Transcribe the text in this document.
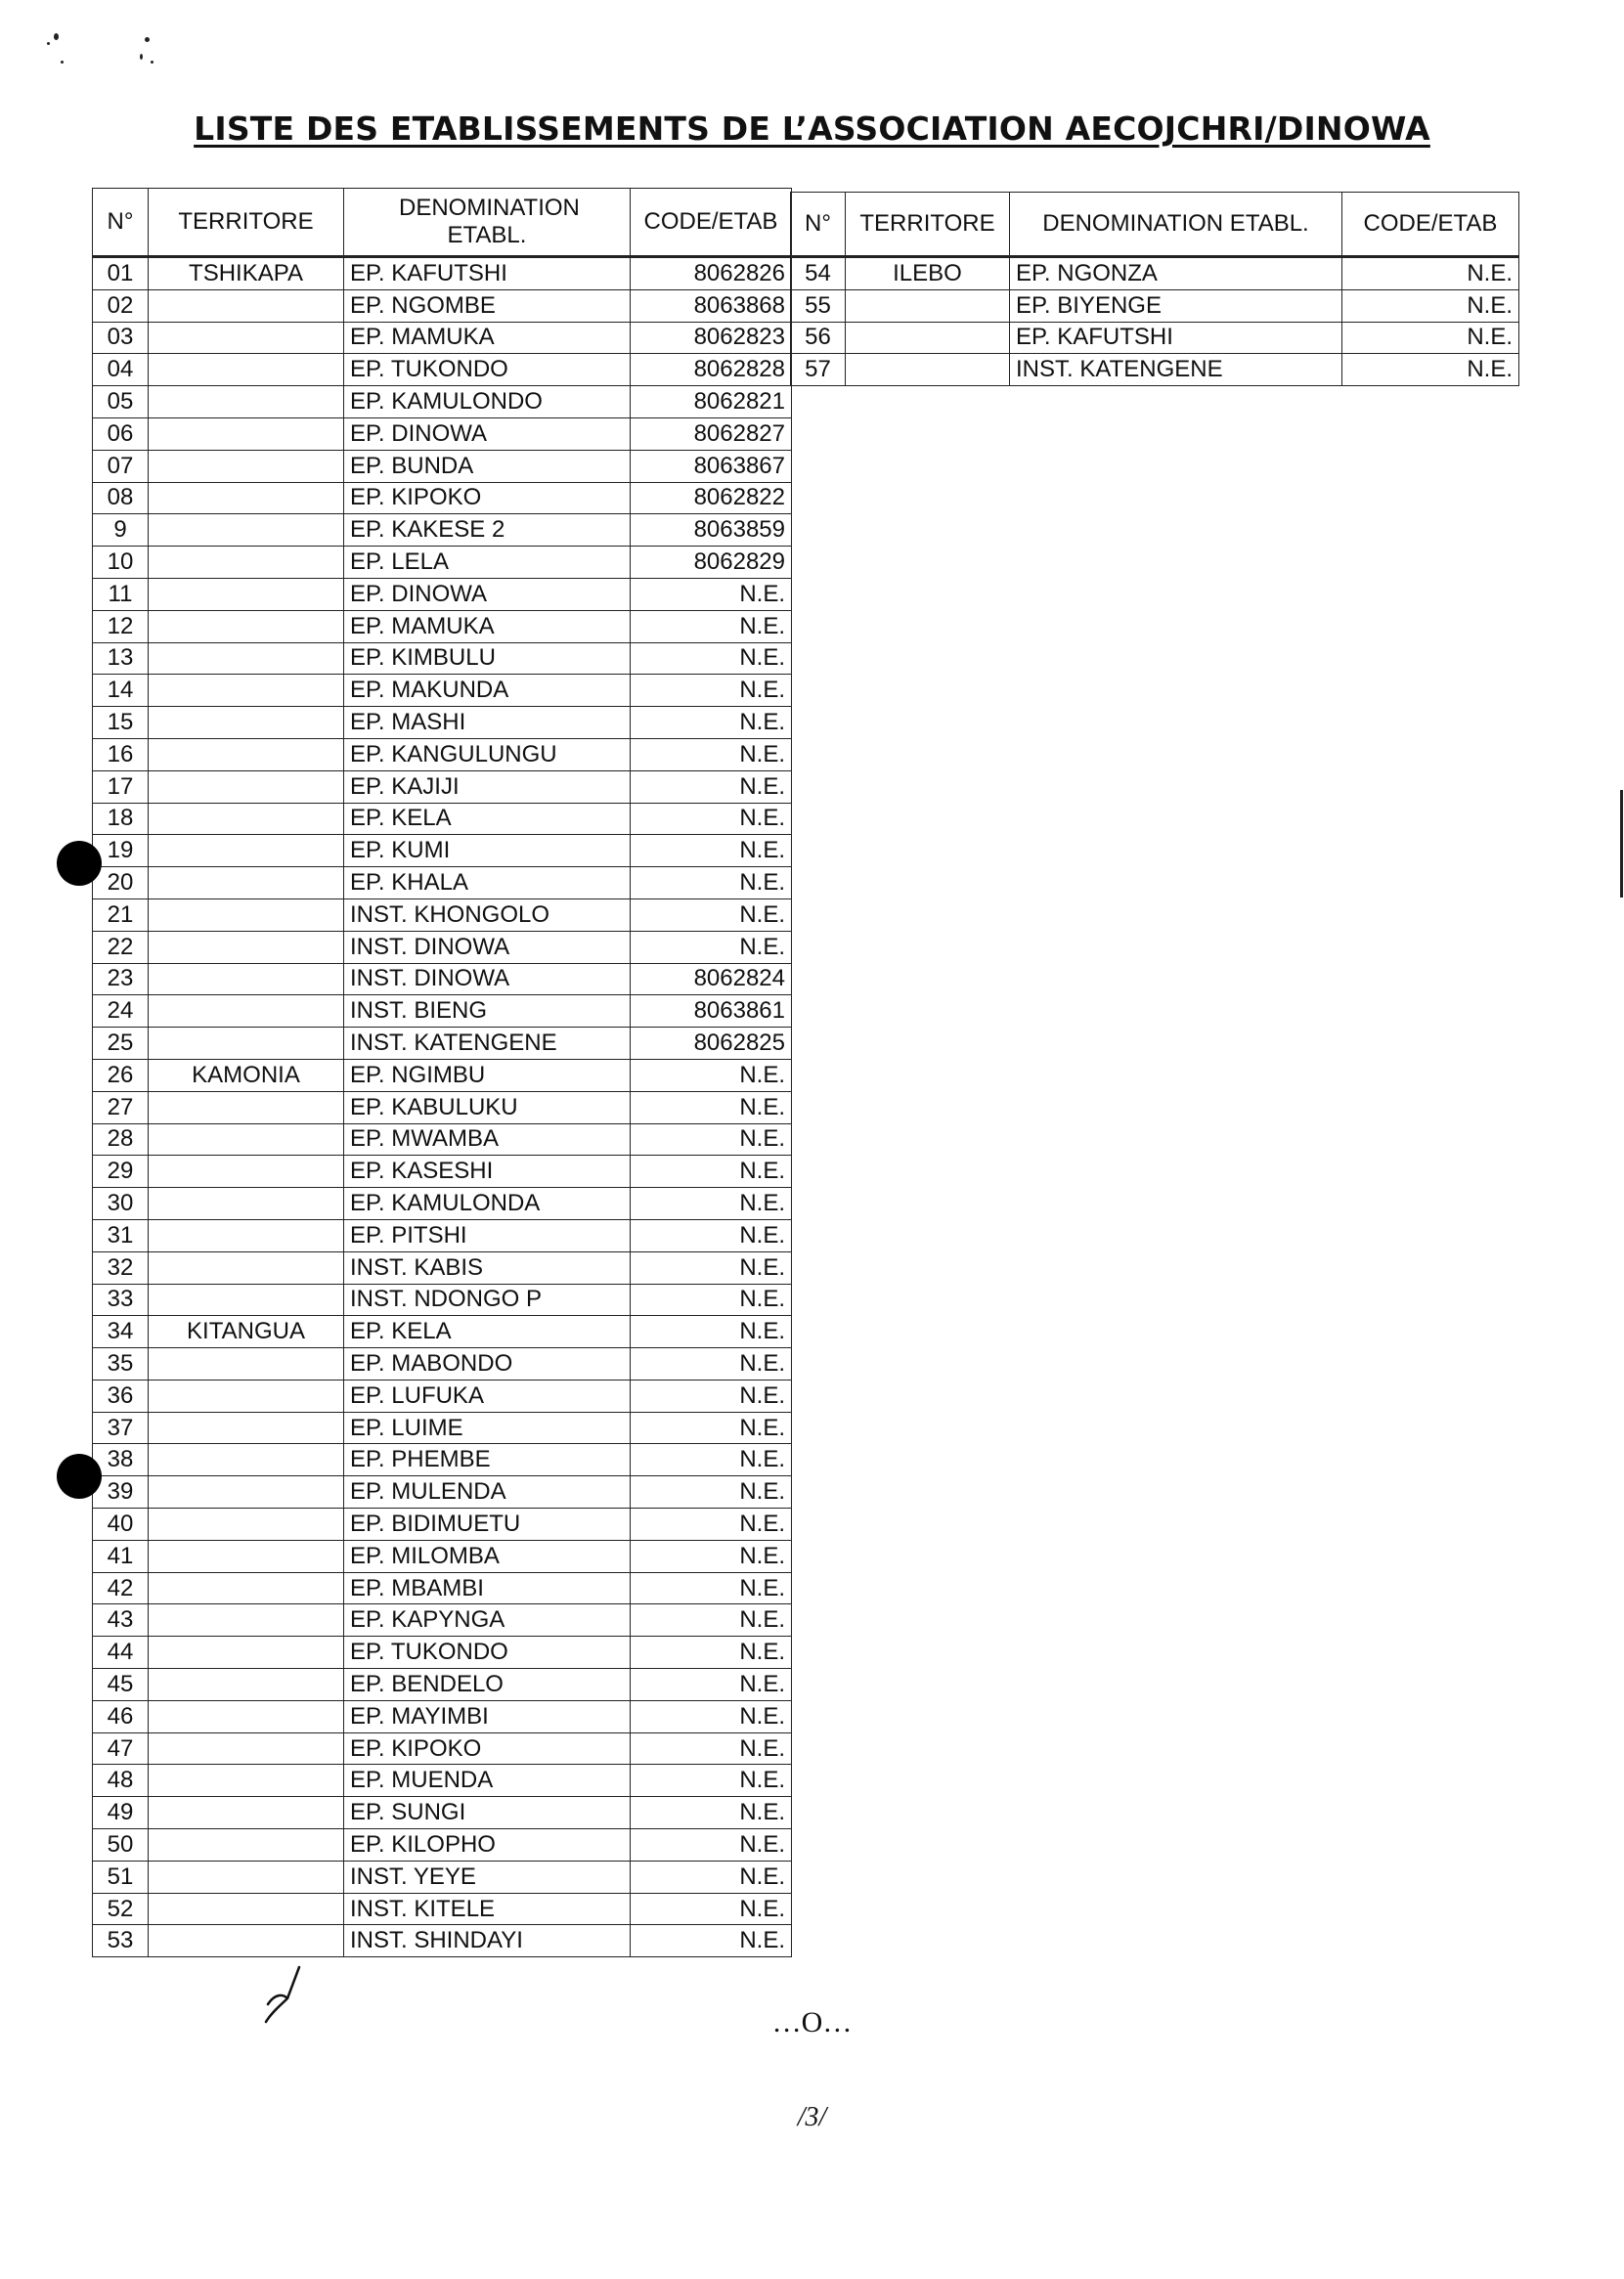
LISTE DES ETABLISSEMENTS DE L’ASSOCIATION AECOJCHRI/DINOWA
N°	TERRITORE	DENOMINATION ETABL.	CODE/ETAB
01	TSHIKAPA	EP. KAFUTSHI	8062826
02		EP. NGOMBE	8063868
03		EP. MAMUKA	8062823
04		EP. TUKONDO	8062828
05		EP. KAMULONDO	8062821
06		EP. DINOWA	8062827
07		EP. BUNDA	8063867
08		EP. KIPOKO	8062822
9		EP. KAKESE 2	8063859
10		EP. LELA	8062829
11		EP. DINOWA	N.E.
12		EP. MAMUKA	N.E.
13		EP. KIMBULU	N.E.
14		EP. MAKUNDA	N.E.
15		EP. MASHI	N.E.
16		EP. KANGULUNGU	N.E.
17		EP. KAJIJI	N.E.
18		EP. KELA	N.E.
19		EP. KUMI	N.E.
20		EP. KHALA	N.E.
21		INST. KHONGOLO	N.E.
22		INST. DINOWA	N.E.
23		INST. DINOWA	8062824
24		INST. BIENG	8063861
25		INST. KATENGENE	8062825
26	KAMONIA	EP. NGIMBU	N.E.
27		EP. KABULUKU	N.E.
28		EP. MWAMBA	N.E.
29		EP. KASESHI	N.E.
30		EP. KAMULONDA	N.E.
31		EP. PITSHI	N.E.
32		INST. KABIS	N.E.
33		INST. NDONGO P	N.E.
34	KITANGUA	EP. KELA	N.E.
35		EP. MABONDO	N.E.
36		EP. LUFUKA	N.E.
37		EP. LUIME	N.E.
38		EP. PHEMBE	N.E.
39		EP. MULENDA	N.E.
40		EP. BIDIMUETU	N.E.
41		EP. MILOMBA	N.E.
42		EP. MBAMBI	N.E.
43		EP. KAPYNGA	N.E.
44		EP. TUKONDO	N.E.
45		EP. BENDELO	N.E.
46		EP. MAYIMBI	N.E.
47		EP. KIPOKO	N.E.
48		EP. MUENDA	N.E.
49		EP. SUNGI	N.E.
50		EP. KILOPHO	N.E.
51		INST. YEYE	N.E.
52		INST. KITELE	N.E.
53		INST. SHINDAYI	N.E.
N°	TERRITORE	DENOMINATION ETABL.	CODE/ETAB
54	ILEBO	EP. NGONZA	N.E.
55		EP. BIYENGE	N.E.
56		EP. KAFUTSHI	N.E.
57		INST. KATENGENE	N.E.
…O…
/3/
